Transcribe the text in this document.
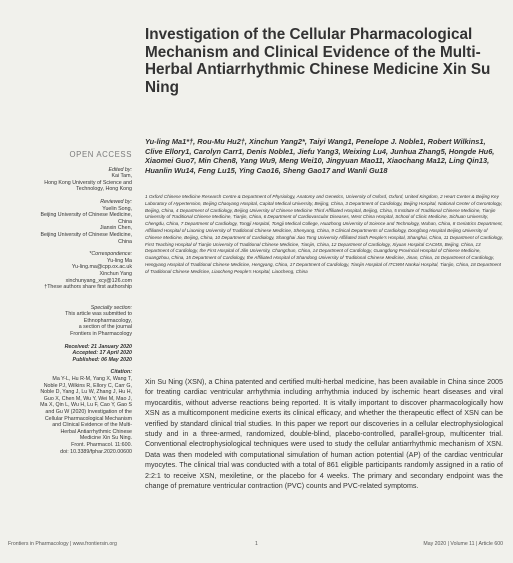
Investigation of the Cellular Pharmacological Mechanism and Clinical Evidence of the Multi-Herbal Antiarrhythmic Chinese Medicine Xin Su Ning
OPEN ACCESS
Edited by:
Kai Tam,
Hong Kong University of Science and
Technology, Hong Kong
Reviewed by:
Yuelin Song,
Beijing University of Chinese Medicine,
China
Jianxin Chen,
Beijing University of Chinese Medicine,
China
*Correspondence:
Yu-ling Ma
Yu-ling.ma@cpp.ox.ac.uk
Xinchun Yang
xinchunyang_xcy@126.com
†These authors share first authorship
Specialty section:
This article was submitted to
Ethnopharmacology,
a section of the journal
Frontiers in Pharmacology
Received: 21 January 2020
Accepted: 17 April 2020
Published: 06 May 2020
Citation:
Ma Y-L, Hu R-M, Yang X, Wang T,
Noble PJ, Wilkins R, Ellory C, Carr G,
Noble D, Yang J, Lu W, Zhang J, Hu H,
Guo X, Chen M, Wu Y, Wei M, Mao J,
Ma X, Qin L, Wu H, Lu F, Cao Y, Gao S
and Gu W (2020) Investigation of the
Cellular Pharmacological Mechanism
and Clinical Evidence of the Multi-
Herbal Antiarrhythmic Chinese
Medicine Xin Su Ning.
Front. Pharmacol. 11:600.
doi: 10.3389/fphar.2020.00600
Yu-ling Ma1*†, Rou-Mu Hu2†, Xinchun Yang2*, Taiyi Wang1, Penelope J. Noble1, Robert Wilkins1, Clive Ellory1, Carolyn Carr1, Denis Noble1, Jiefu Yang3, Weixing Lu4, Junhua Zhang5, Hongde Hu6, Xiaomei Guo7, Min Chen8, Yang Wu9, Meng Wei10, Jingyuan Mao11, Xiaochang Ma12, Ling Qin13, Huanlin Wu14, Feng Lu15, Ying Cao16, Sheng Gao17 and Wanli Gu18
1 Oxford Chinese Medicine Research Centre & Department of Physiology, Anatomy and Genetics, University of Oxford, Oxford, United Kingdom, 2 Heart Center & Beijing Key Laboratory of Hypertension, Beijing Chaoyang Hospital, Capital Medical University, Beijing, China, 3 Department of Cardiology, Beijing Hospital, National Center of Gerontology, Beijing, China, 4 Department of Cardiology, Beijing University of Chinese Medicine Third Affiliated Hospital, Beijing, China, 5 Institute of Traditional Chinese Medicine, Tianjin University of Traditional Chinese Medicine, Tianjin, China, 6 Department of Cardiovascular Diseases, West China Hospital, School of Clinic Medicine, Sichuan University, Chengdu, China, 7 Department of Cardiology, Tongji Hospital, Tongji Medical College, Huazhong University of Science and Technology, Wuhan, China, 8 Geriatrics Department, Affiliated Hospital of Liaoning University of Traditional Chinese Medicine, Shenyang, China, 9 Clinical Departments of Cardiology, Dongfang Hospital Beijing University of Chinese Medicine, Beijing, China, 10 Department of Cardiology, Shanghai Jiao Tong University Affiliated Sixth People's Hospital, Shanghai, China, 11 Department of Cardiology, First Teaching Hospital of Tianjin University of Traditional Chinese Medicine, Tianjin, China, 12 Department of Cardiology, Xiyuan Hospital CACMS, Beijing, China, 13 Department of Cardiology, the First Hospital of Jilin University, Changchun, China, 14 Department of Cardiology, Guangdong Provincial Hospital of Chinese Medicine, Guangzhou, China, 15 Department of Cardiology, the Affiliated Hospital of Shandong University of Traditional Chinese Medicine, Jinan, China, 16 Department of Cardiology, Hengyang Hospital of Traditional Chinese Medicine, Hengyang, China, 17 Department of Cardiology, Tianjin Hospital of ITCWM Nankai Hospital, Tianjin, China, 18 Department of Traditional Chinese Medicine, Liaocheng People's Hospital, Liaocheng, China
Xin Su Ning (XSN), a China patented and certified multi-herbal medicine, has been available in China since 2005 for treating cardiac ventricular arrhythmia including arrhythmia induced by ischemic heart diseases and viral myocarditis, without adverse reactions being reported. It is vitally important to discover pharmacologically how XSN as a multicomponent medicine exerts its clinical efficacy, and whether the therapeutic effect of XSN can be verified by standard clinical trial studies. In this paper we report our discoveries in a cellular electrophysiological study and in a three-armed, randomized, double-blind, placebo-controlled, parallel-group, multicenter trial. Conventional electrophysiological techniques were used to study the cellular antiarrhythmic mechanism of XSN. Data was then modeled with computational simulation of human action potential (AP) of the cardiac ventricular myocytes. The clinical trial was conducted with a total of 861 eligible participants randomly assigned in a ratio of 2:2:1 to receive XSN, mexiletine, or the placebo for 4 weeks. The primary and secondary endpoint was the change of premature ventricular contraction (PVC) counts and PVC-related symptoms.
Frontiers in Pharmacology | www.frontiersin.org	1	May 2020 | Volume 11 | Article 600
